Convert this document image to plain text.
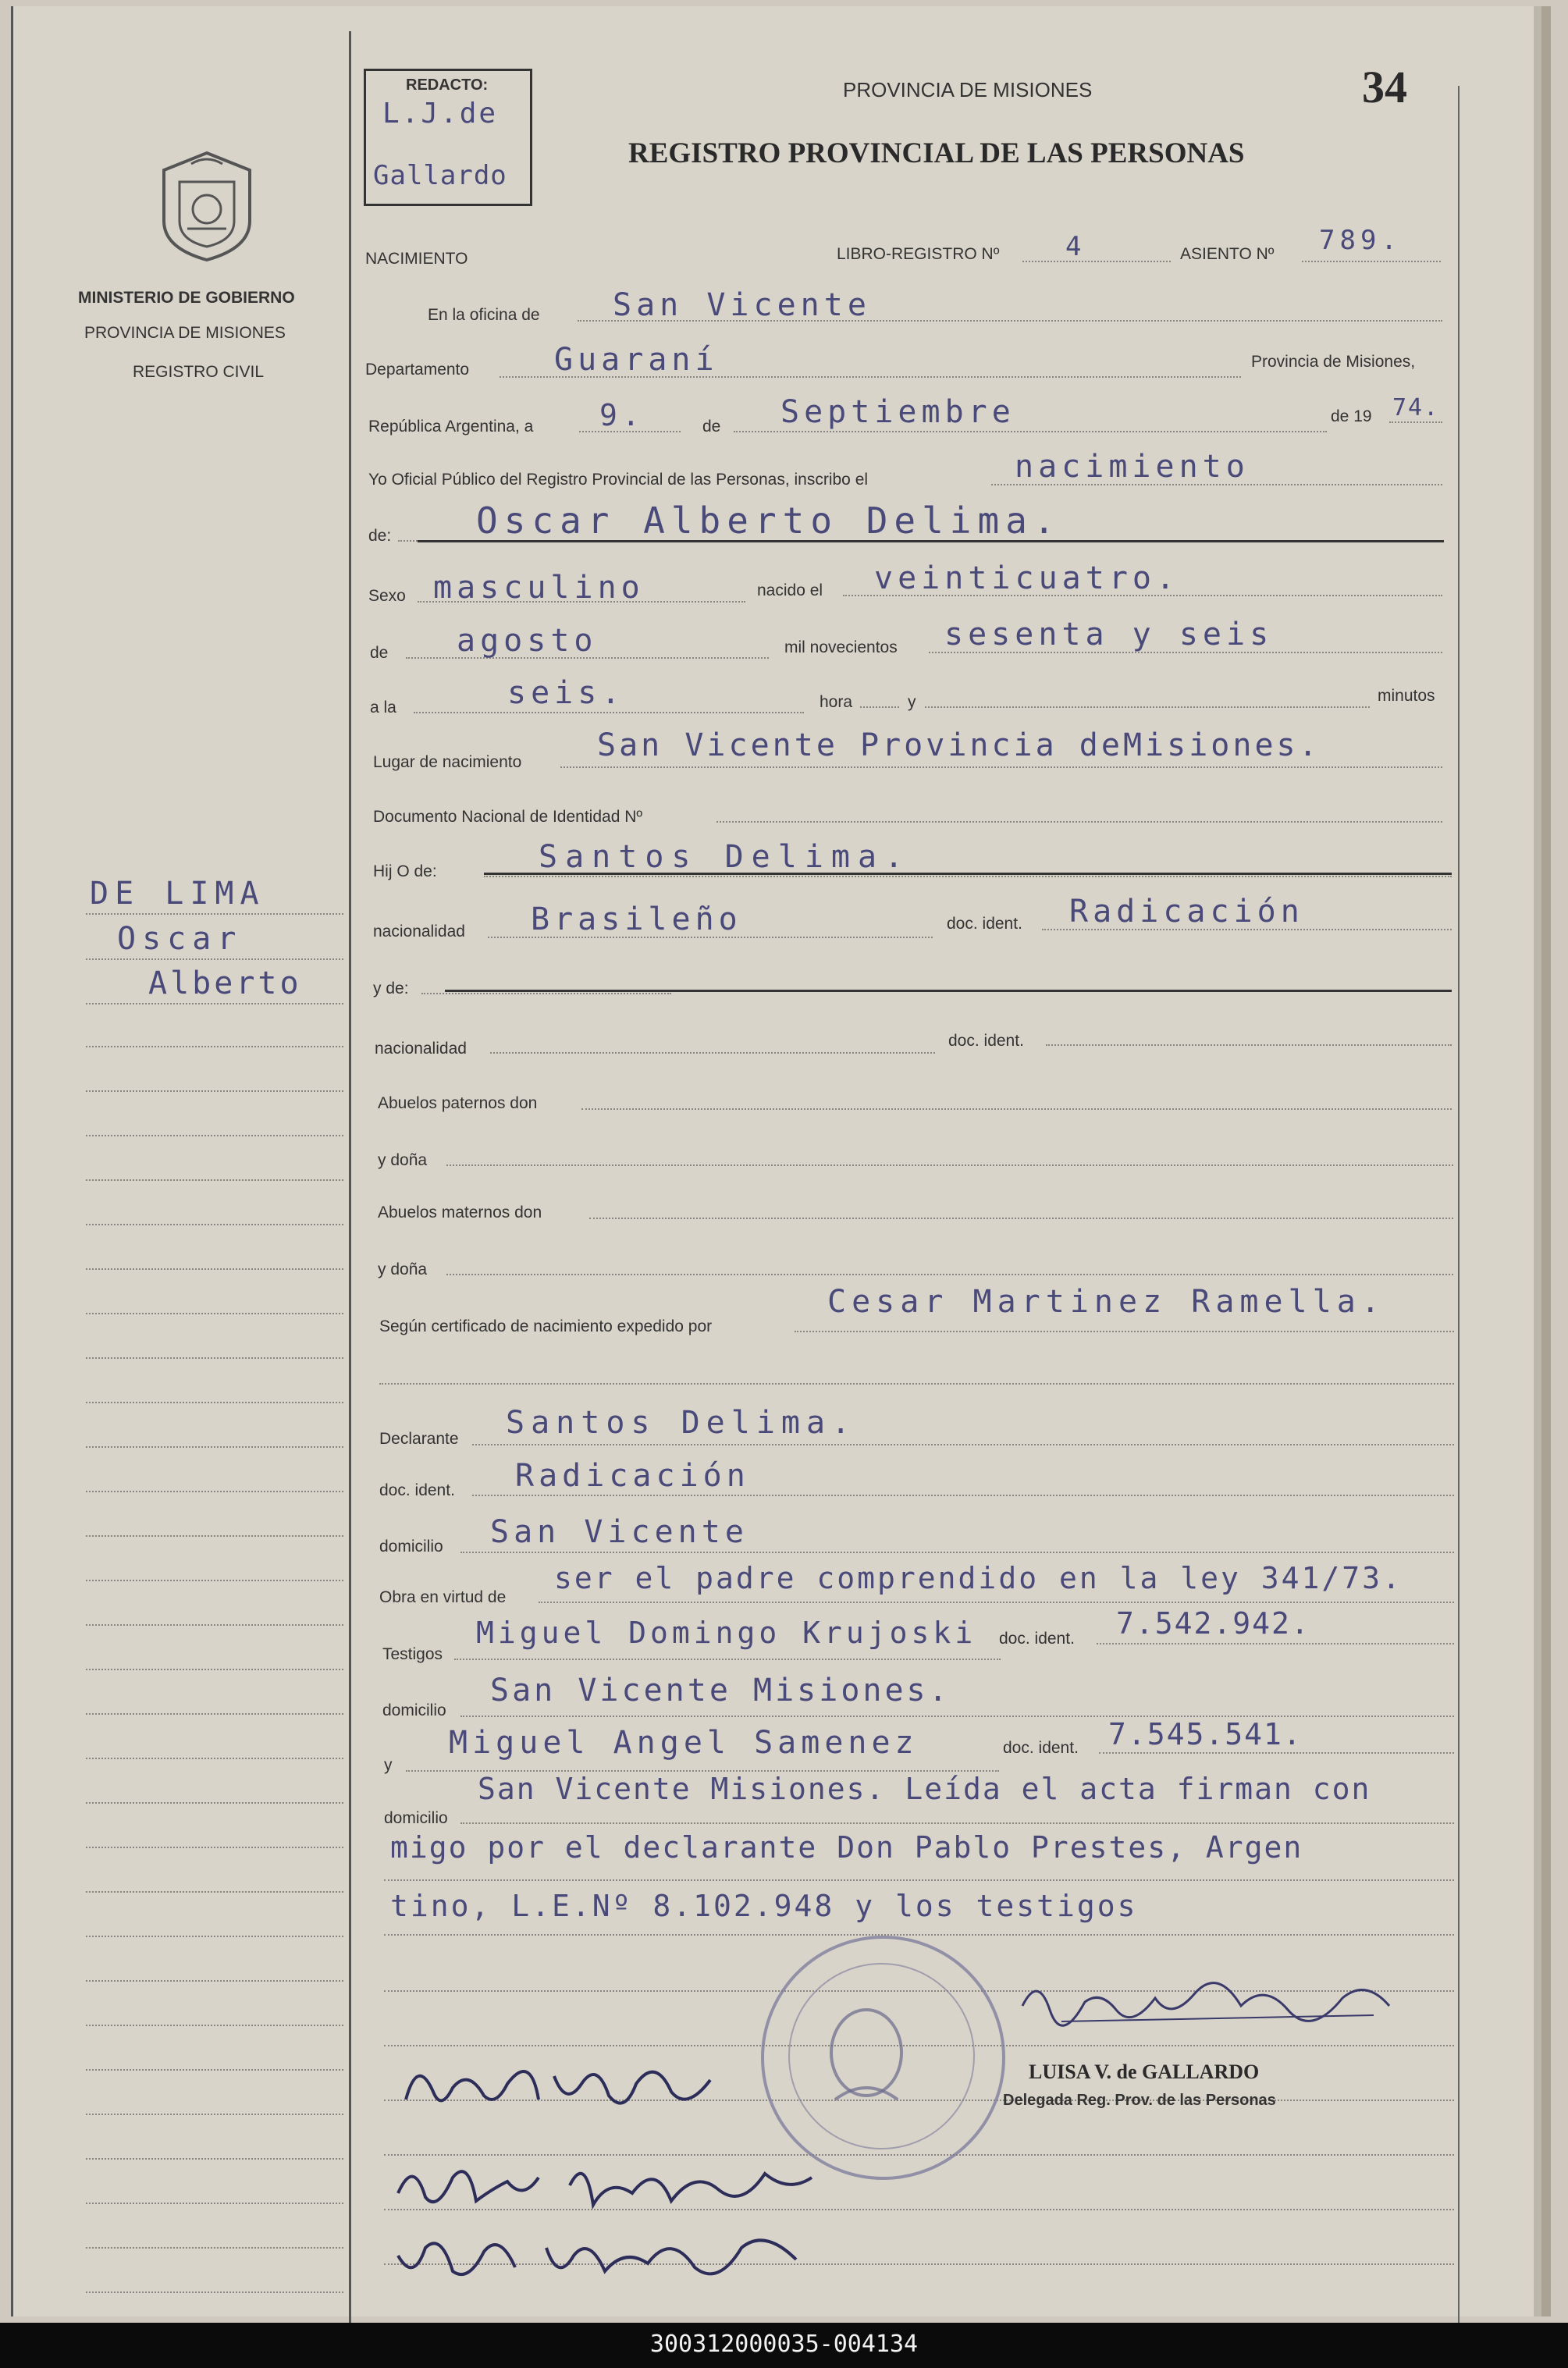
MINISTERIO DE GOBIERNO
PROVINCIA DE MISIONES
REGISTRO CIVIL
REDACTO:
L.J.de
Gallardo
PROVINCIA DE MISIONES
REGISTRO PROVINCIAL DE LAS PERSONAS
34
NACIMIENTO	LIBRO-REGISTRO Nº 4	ASIENTO Nº 789.
En la oficina de San Vicente
Departamento	Guaraní	Provincia de Misiones,
República Argentina, a 9.	de Septiembre	de 19 74.
Yo Oficial Público del Registro Provincial de las Personas, inscribo el	nacimiento
de: Oscar Alberto Delima.
Sexo masculino	nacido el veinticuatro.
de agosto	mil novecientos sesenta y seis
a la	seis.	hora	y	minutos
Lugar de nacimiento San Vicente Provincia deMisiones.
Documento Nacional de Identidad Nº
Hij O de:	Santos Delima.
nacionalidad Brasileño	doc. ident. Radicación
y de:
nacionalidad	doc. ident.
Abuelos paternos don
y doña
Abuelos maternos don
y doña
Según certificado de nacimiento expedido por
Cesar Martinez Ramella.
Declarante Santos Delima.
doc. ident. Radicación
domicilio San Vicente
Obra en virtud de
ser el padre comprendido en la ley 341/73.
Testigos
Miguel Domingo Krujoski doc. ident. 7.542.942.
domicilio
San Vicente Misiones.
y
Miguel Angel Samenez	doc. ident. 7.545.541.
domicilio
San Vicente Misiones. Leída el acta firman con
migo por el declarante Don Pablo Prestes, Argen
tino, L.E.Nº 8.102.948 y los testigos
DE LIMA
Oscar
Alberto
LUISA V. de GALLARDO
Delegada Reg. Prov. de las Personas
300312000035-004134
